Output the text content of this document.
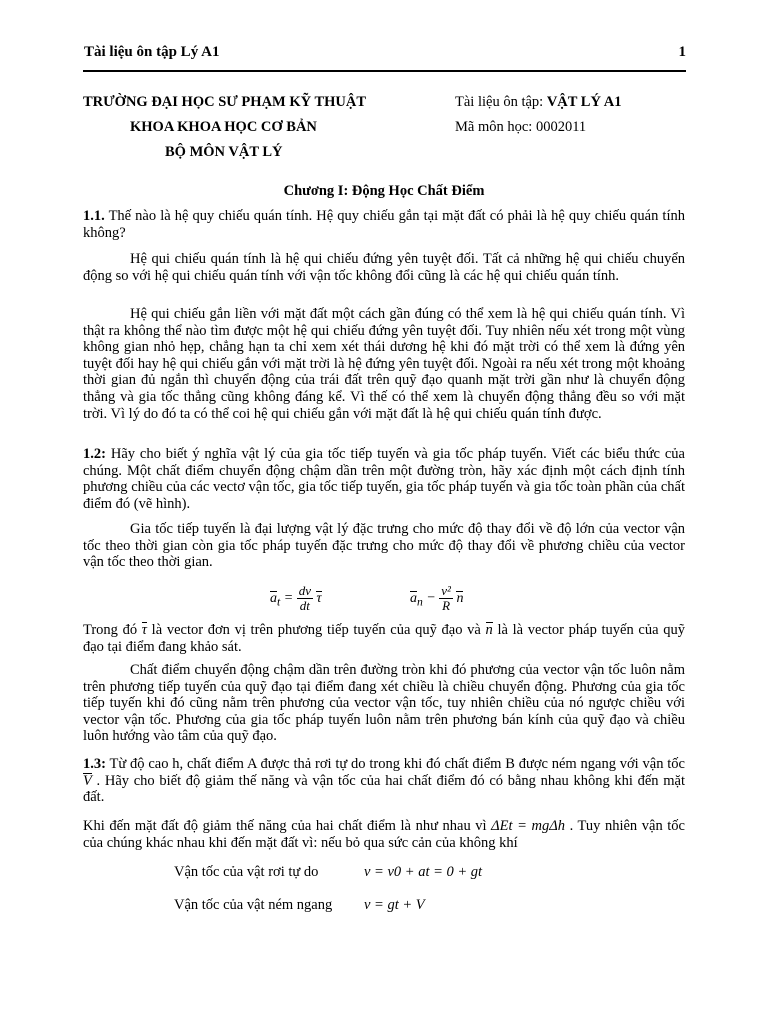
Tài liệu ôn tập Lý A1	1
TRƯỜNG ĐẠI HỌC SƯ PHẠM KỸ THUẬT
KHOA KHOA HỌC CƠ BẢN
BỘ MÔN VẬT LÝ
Tài liệu ôn tập: VẬT LÝ A1
Mã môn học: 0002011
Chương I: Động Học Chất Điểm
1.1. Thế nào là hệ quy chiếu quán tính. Hệ quy chiếu gắn tại mặt đất có phải là hệ quy chiếu quán tính không?
Hệ qui chiếu quán tính là hệ qui chiếu đứng yên tuyệt đối. Tất cả những hệ qui chiếu chuyển động so với hệ qui chiếu quán tính với vận tốc không đổi cũng là các hệ qui chiếu quán tính.
Hệ qui chiếu gắn liền với mặt đất một cách gần đúng có thể xem là hệ qui chiếu quán tính. Vì thật ra không thể nào tìm được một hệ qui chiếu đứng yên tuyệt đối. Tuy nhiên nếu xét trong một vùng không gian nhỏ hẹp, chẳng hạn ta chỉ xem xét thái dương hệ khi đó mặt trời có thể xem là đứng yên tuyệt đối hay hệ qui chiếu gắn với mặt trời là hệ đứng yên tuyệt đối. Ngoài ra nếu xét trong một khoảng thời gian đủ ngắn thì chuyển động của trái đất trên quỹ đạo quanh mặt trời gần như là chuyển động thẳng và gia tốc thẳng cũng không đáng kể. Vì thế có thể xem là chuyển động thẳng đều so với mặt trời. Vì lý do đó ta có thể coi hệ qui chiếu gắn với mặt đất là hệ qui chiếu quán tính được.
1.2: Hãy cho biết ý nghĩa vật lý của gia tốc tiếp tuyến và gia tốc pháp tuyến. Viết các biểu thức của chúng. Một chất điểm chuyển động chậm dần trên một đường tròn, hãy xác định một cách định tính phương chiều của các vectơ vận tốc, gia tốc tiếp tuyến, gia tốc pháp tuyến và gia tốc toàn phần của chất điểm đó (vẽ hình).
Gia tốc tiếp tuyến là đại lượng vật lý đặc trưng cho mức độ thay đổi về độ lớn của vector vận tốc theo thời gian còn gia tốc pháp tuyến đặc trưng cho mức độ thay đổi về phương chiều của vector vận tốc theo thời gian.
$a_t = \frac{dv}{dt}$ τ	$a_n - \frac{\text{v²}}{R}$ n
Trong đó τ là vector đơn vị trên phương tiếp tuyến của quỹ đạo và n là là vector pháp tuyến của quỹ đạo tại điểm đang khảo sát.
Chất điểm chuyển động chậm dần trên đường tròn khi đó phương của vector vận tốc luôn nằm trên phương tiếp tuyến của quỹ đạo tại điểm đang xét chiều là chiều chuyển động. Phương của gia tốc tiếp tuyến khi đó cũng nằm trên phương của vector vận tốc, tuy nhiên chiều của nó ngược chiều với vector vận tốc. Phương của gia tốc pháp tuyến luôn nằm trên phương bán kính của quỹ đạo và chiều luôn hướng vào tâm của quỹ đạo.
1.3: Từ độ cao h, chất điểm A được thả rơi tự do trong khi đó chất điểm B được ném ngang với vận tốc V . Hãy cho biết độ giảm thế năng và vận tốc của hai chất điểm đó có bằng nhau không khi đến mặt đất.
Khi đến mặt đất độ giảm thế năng của hai chất điểm là như nhau vì ΔEt = mgΔh . Tuy nhiên vận tốc của chúng khác nhau khi đến mặt đất vì: nếu bỏ qua sức cản của không khí
Vận tốc của vật rơi tự do	v = v0 + at = 0 + gt
Vận tốc của vật ném ngang v = gt + V
